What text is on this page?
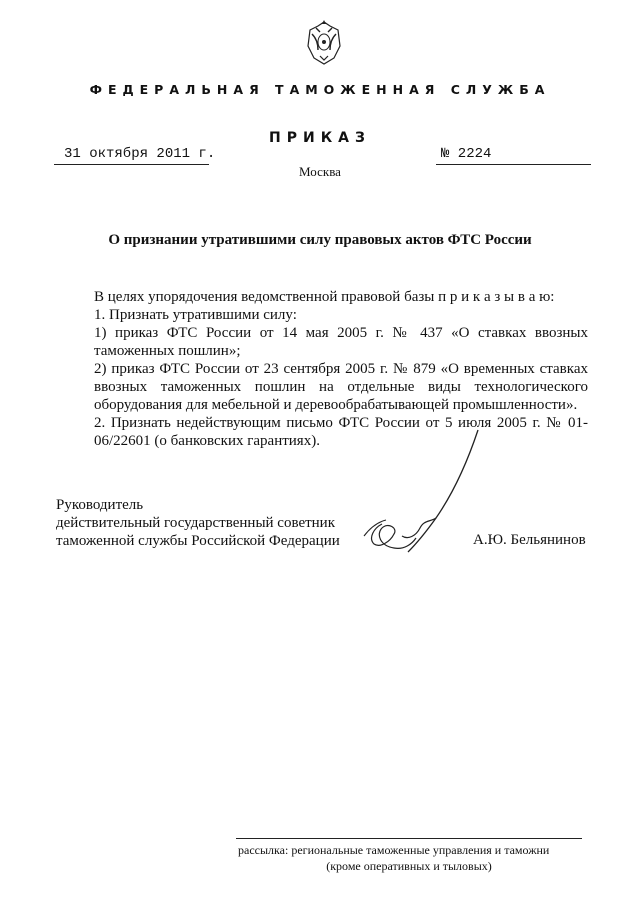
ФЕДЕРАЛЬНАЯ ТАМОЖЕННАЯ СЛУЖБА
ПРИКАЗ
31 октября 2011 г.	№ 2224
Москва
О признании утратившими силу правовых актов ФТС России
В целях упорядочения ведомственной правовой базы п р и к а з ы в а ю:
1. Признать утратившими силу:
1) приказ ФТС России от 14 мая 2005 г. № 437 «О ставках ввозных таможенных пошлин»;
2) приказ ФТС России от 23 сентября 2005 г. № 879 «О временных ставках ввозных таможенных пошлин на отдельные виды технологического оборудования для мебельной и деревообрабатывающей промышленности».
2. Признать недействующим письмо ФТС России от 5 июля 2005 г. № 01-06/22601 (о банковских гарантиях).
Руководитель
действительный государственный советник
таможенной службы Российской Федерации	А.Ю. Бельянинов
рассылка: региональные таможенные управления и таможни
(кроме оперативных и тыловых)
